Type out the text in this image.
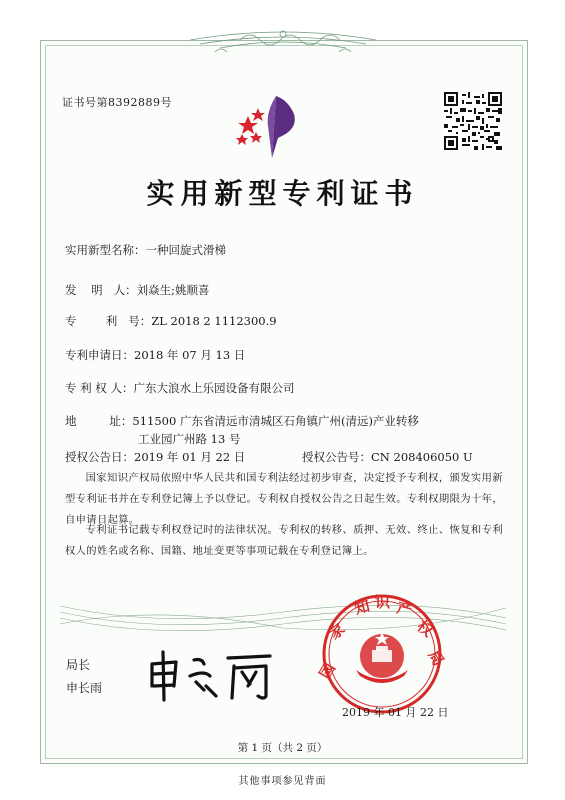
证书号第8392889号
实用新型专利证书
实用新型名称：一种回旋式滑梯
发    明   人：刘焱生;姚顺喜
专        利   号：ZL 2018 2 1112300.9
专利申请日：2018 年 07 月 13 日
专 利 权 人：广东大浪水上乐园设备有限公司
地         址：511500 广东省清远市清城区石角镇广州(清远)产业转移
工业园广州路 13 号
授权公告日：2019 年 01 月 22 日	授权公告号：CN 208406050 U
国家知识产权局依照中华人民共和国专利法经过初步审查，决定授予专利权，颁发实用新型专利证书并在专利登记簿上予以登记。专利权自授权公告之日起生效。专利权期限为十年，自申请日起算。
专利证书记载专利权登记时的法律状况。专利权的转移、质押、无效、终止、恢复和专利权人的姓名或名称、国籍、地址变更等事项记载在专利登记簿上。
局长
申长雨
国
家
知 识 产
权
局
2019 年 01 月 22 日
第 1 页（共 2 页）
其他事项参见背面
